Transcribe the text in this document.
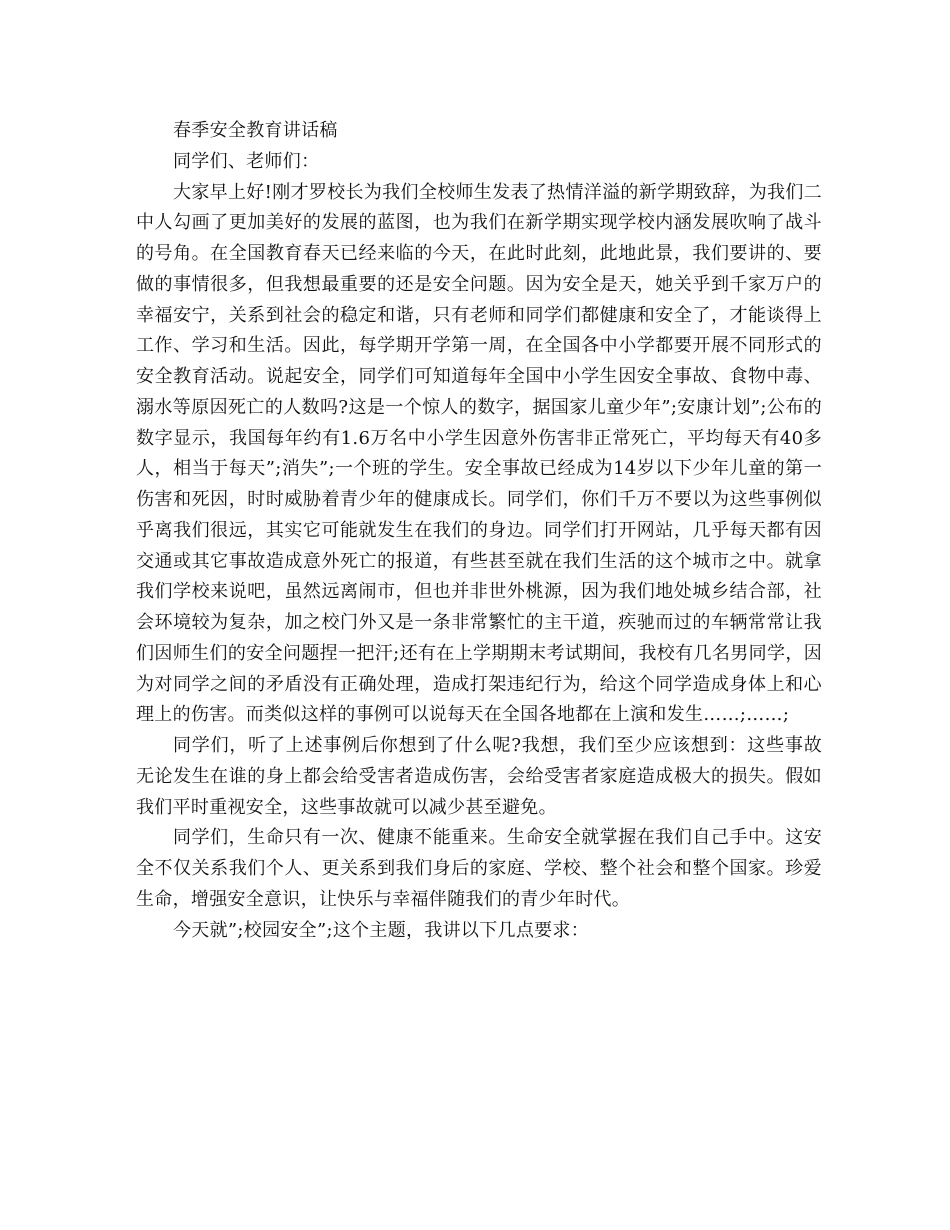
春季安全教育讲话稿

同学们、老师们：

大家早上好!刚才罗校长为我们全校师生发表了热情洋溢的新学期致辞，为我们二中人勾画了更加美好的发展的蓝图，也为我们在新学期实现学校内涵发展吹响了战斗的号角。在全国教育春天已经来临的今天，在此时此刻，此地此景，我们要讲的、要做的事情很多，但我想最重要的还是安全问题。因为安全是天，她关乎到千家万户的幸福安宁，关系到社会的稳定和谐，只有老师和同学们都健康和安全了，才能谈得上工作、学习和生活。因此，每学期开学第一周，在全国各中小学都要开展不同形式的安全教育活动。说起安全，同学们可知道每年全国中小学生因安全事故、食物中毒、溺水等原因死亡的人数吗?这是一个惊人的数字，据国家儿童少年”;安康计划”;公布的数字显示，我国每年约有1.6万名中小学生因意外伤害非正常死亡，平均每天有40多人，相当于每天”;消失”;一个班的学生。安全事故已经成为14岁以下少年儿童的第一伤害和死因，时时威胁着青少年的健康成长。同学们，你们千万不要以为这些事例似乎离我们很远，其实它可能就发生在我们的身边。同学们打开网站，几乎每天都有因交通或其它事故造成意外死亡的报道，有些甚至就在我们生活的这个城市之中。就拿我们学校来说吧，虽然远离闹市，但也并非世外桃源，因为我们地处城乡结合部，社会环境较为复杂，加之校门外又是一条非常繁忙的主干道，疾驰而过的车辆常常让我们因师生们的安全问题捏一把汗;还有在上学期期末考试期间，我校有几名男同学，因为对同学之间的矛盾没有正确处理，造成打架违纪行为，给这个同学造成身体上和心理上的伤害。而类似这样的事例可以说每天在全国各地都在上演和发生……;……;

同学们，听了上述事例后你想到了什么呢?我想，我们至少应该想到：这些事故无论发生在谁的身上都会给受害者造成伤害，会给受害者家庭造成极大的损失。假如我们平时重视安全，这些事故就可以减少甚至避免。

同学们，生命只有一次、健康不能重来。生命安全就掌握在我们自己手中。这安全不仅关系我们个人、更关系到我们身后的家庭、学校、整个社会和整个国家。珍爱生命，增强安全意识，让快乐与幸福伴随我们的青少年时代。

今天就”;校园安全”;这个主题，我讲以下几点要求：
